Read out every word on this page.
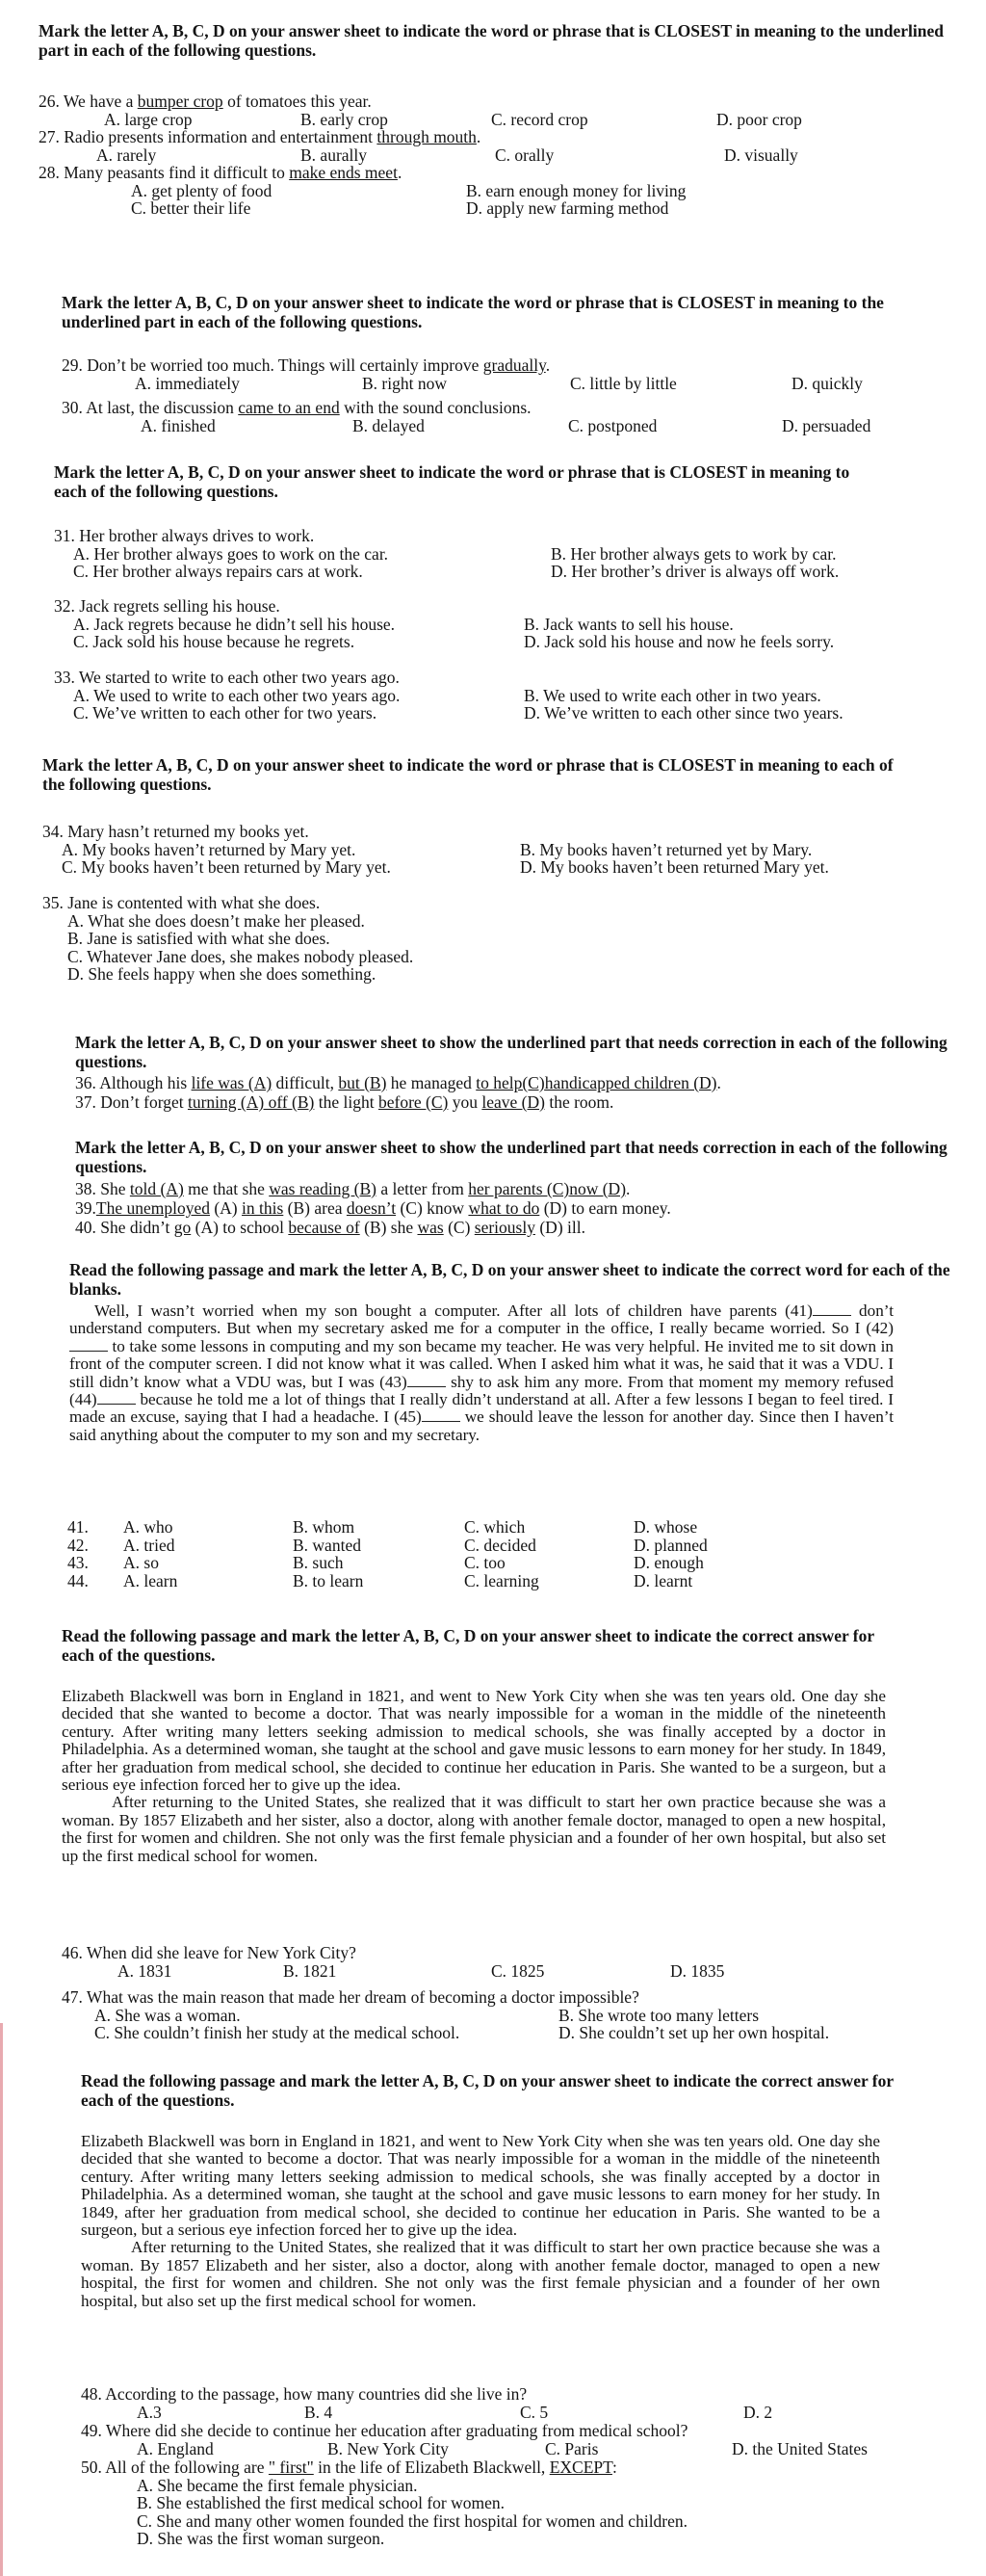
Mark the letter A, B, C, D on your answer sheet to indicate the word or phrase that is CLOSEST in meaning to the underlined part in each of the following questions.

26. We have a bumper crop of tomatoes this year.

A. large crop	B. early crop	C. record crop	D. poor crop

27. Radio presents information and entertainment through mouth.

A. rarely	B. aurally	C. orally	D. visually

28. Many peasants find it difficult to make ends meet.

A. get plenty of food	B. earn enough money for living
C. better their life	D. apply new farming method

Mark the letter A, B, C, D on your answer sheet to indicate the word or phrase that is CLOSEST in meaning to the underlined part in each of the following questions.

29. Don’t be worried too much. Things will certainly improve gradually.

A. immediately	B. right now	C. little by little	D. quickly

30. At last, the discussion came to an end with the sound conclusions.

A. finished	B. delayed	C. postponed	D. persuaded

Mark the letter A, B, C, D on your answer sheet to indicate the word or phrase that is CLOSEST in meaning to each of the following questions.

31. Her brother always drives to work.

A. Her brother always goes to work on the car.	B. Her brother always gets to work by car.
C. Her brother always repairs cars at work.	D. Her brother’s driver is always off work.

32. Jack regrets selling his house.

A. Jack regrets because he didn’t sell his house.	B. Jack wants to sell his house.
C. Jack sold his house because he regrets.	D. Jack sold his house and now he feels sorry.

33. We started to write to each other two years ago.

A. We used to write to each other two years ago.	B. We used to write each other in two years.
C. We’ve written to each other for two years.	D. We’ve written to each other since two years.

Mark the letter A, B, C, D on your answer sheet to indicate the word or phrase that is CLOSEST in meaning to each of the following questions.

34. Mary hasn’t returned my books yet.

A. My books haven’t returned by Mary yet.	B. My books haven’t returned yet by Mary.
C. My books haven’t been returned by Mary yet.	D. My books haven’t been returned Mary yet.

35. Jane is contented with what she does.

A. What she does doesn’t make her pleased.
B. Jane is satisfied with what she does.
C. Whatever Jane does, she makes nobody pleased.
D. She feels happy when she does something.

Mark the letter A, B, C, D on your answer sheet to show the underlined part that needs correction in each of the following questions.

36. Although his life was (A) difficult, but (B) he managed to help(C)handicapped children (D).

37. Don’t forget turning (A) off (B) the light before (C) you leave (D) the room.

Mark the letter A, B, C, D on your answer sheet to show the underlined part that needs correction in each of the following questions.

38. She told (A) me that she was reading (B) a letter from her parents (C)now (D).

39.The unemployed (A) in this (B) area doesn’t (C) know what to do (D) to earn money.

40. She didn’t go (A) to school because of (B) she was (C) seriously (D) ill.

Read the following passage and mark the letter A, B, C, D on your answer sheet to indicate the correct word for each of the blanks.

Well, I wasn’t worried when my son bought a computer. After all lots of children have parents (41) don’t understand computers. But when my secretary asked me for a computer in the office, I really became worried. So I (42) to take some lessons in computing and my son became my teacher. He was very helpful. He invited me to sit down in front of the computer screen. I did not know what it was called. When I asked him what it was, he said that it was a VDU. I still didn’t know what a VDU was, but I was (43) shy to ask him any more. From that moment my memory refused (44) because he told me a lot of things that I really didn’t understand at all. After a few lessons I began to feel tired. I made an excuse, saying that I had a headache. I (45) we should leave the lesson for another day. Since then I haven’t said anything about the computer to my son and my secretary.

41. A. who	B. whom	C. which	D. whose
42. A. tried	B. wanted	C. decided	D. planned
43. A. so	B. such	C. too	D. enough
44. A. learn	B. to learn	C. learning	D. learnt

Read the following passage and mark the letter A, B, C, D on your answer sheet to indicate the correct answer for each of the questions.

Elizabeth Blackwell was born in England in 1821, and went to New York City when she was ten years old. One day she decided that she wanted to become a doctor. That was nearly impossible for a woman in the middle of the nineteenth century. After writing many letters seeking admission to medical schools, she was finally accepted by a doctor in Philadelphia. As a determined woman, she taught at the school and gave music lessons to earn money for her study. In 1849, after her graduation from medical school, she decided to continue her education in Paris. She wanted to be a surgeon, but a serious eye infection forced her to give up the idea.

After returning to the United States, she realized that it was difficult to start her own practice because she was a woman. By 1857 Elizabeth and her sister, also a doctor, along with another female doctor, managed to open a new hospital, the first for women and children. She not only was the first female physician and a founder of her own hospital, but also set up the first medical school for women.

46. When did she leave for New York City?

A. 1831	B. 1821	C. 1825	D. 1835

47. What was the main reason that made her dream of becoming a doctor impossible?

A. She was a woman.	B. She wrote too many letters
C. She couldn’t finish her study at the medical school.	D. She couldn’t set up her own hospital.

Read the following passage and mark the letter A, B, C, D on your answer sheet to indicate the correct answer for each of the questions.

Elizabeth Blackwell was born in England in 1821, and went to New York City when she was ten years old. One day she decided that she wanted to become a doctor. That was nearly impossible for a woman in the middle of the nineteenth century. After writing many letters seeking admission to medical schools, she was finally accepted by a doctor in Philadelphia. As a determined woman, she taught at the school and gave music lessons to earn money for her study. In 1849, after her graduation from medical school, she decided to continue her education in Paris. She wanted to be a surgeon, but a serious eye infection forced her to give up the idea.

After returning to the United States, she realized that it was difficult to start her own practice because she was a woman. By 1857 Elizabeth and her sister, also a doctor, along with another female doctor, managed to open a new hospital, the first for women and children. She not only was the first female physician and a founder of her own hospital, but also set up the first medical school for women.

48. According to the passage, how many countries did she live in?

A.3	B. 4	C. 5	D. 2

49. Where did she decide to continue her education after graduating from medical school?

A. England	B. New York City	C. Paris	D. the United States

50. All of the following are " first" in the life of Elizabeth Blackwell, EXCEPT:

A. She became the first female physician.
B. She established the first medical school for women.
C. She and many other women founded the first hospital for women and children.
D. She was the first woman surgeon.
